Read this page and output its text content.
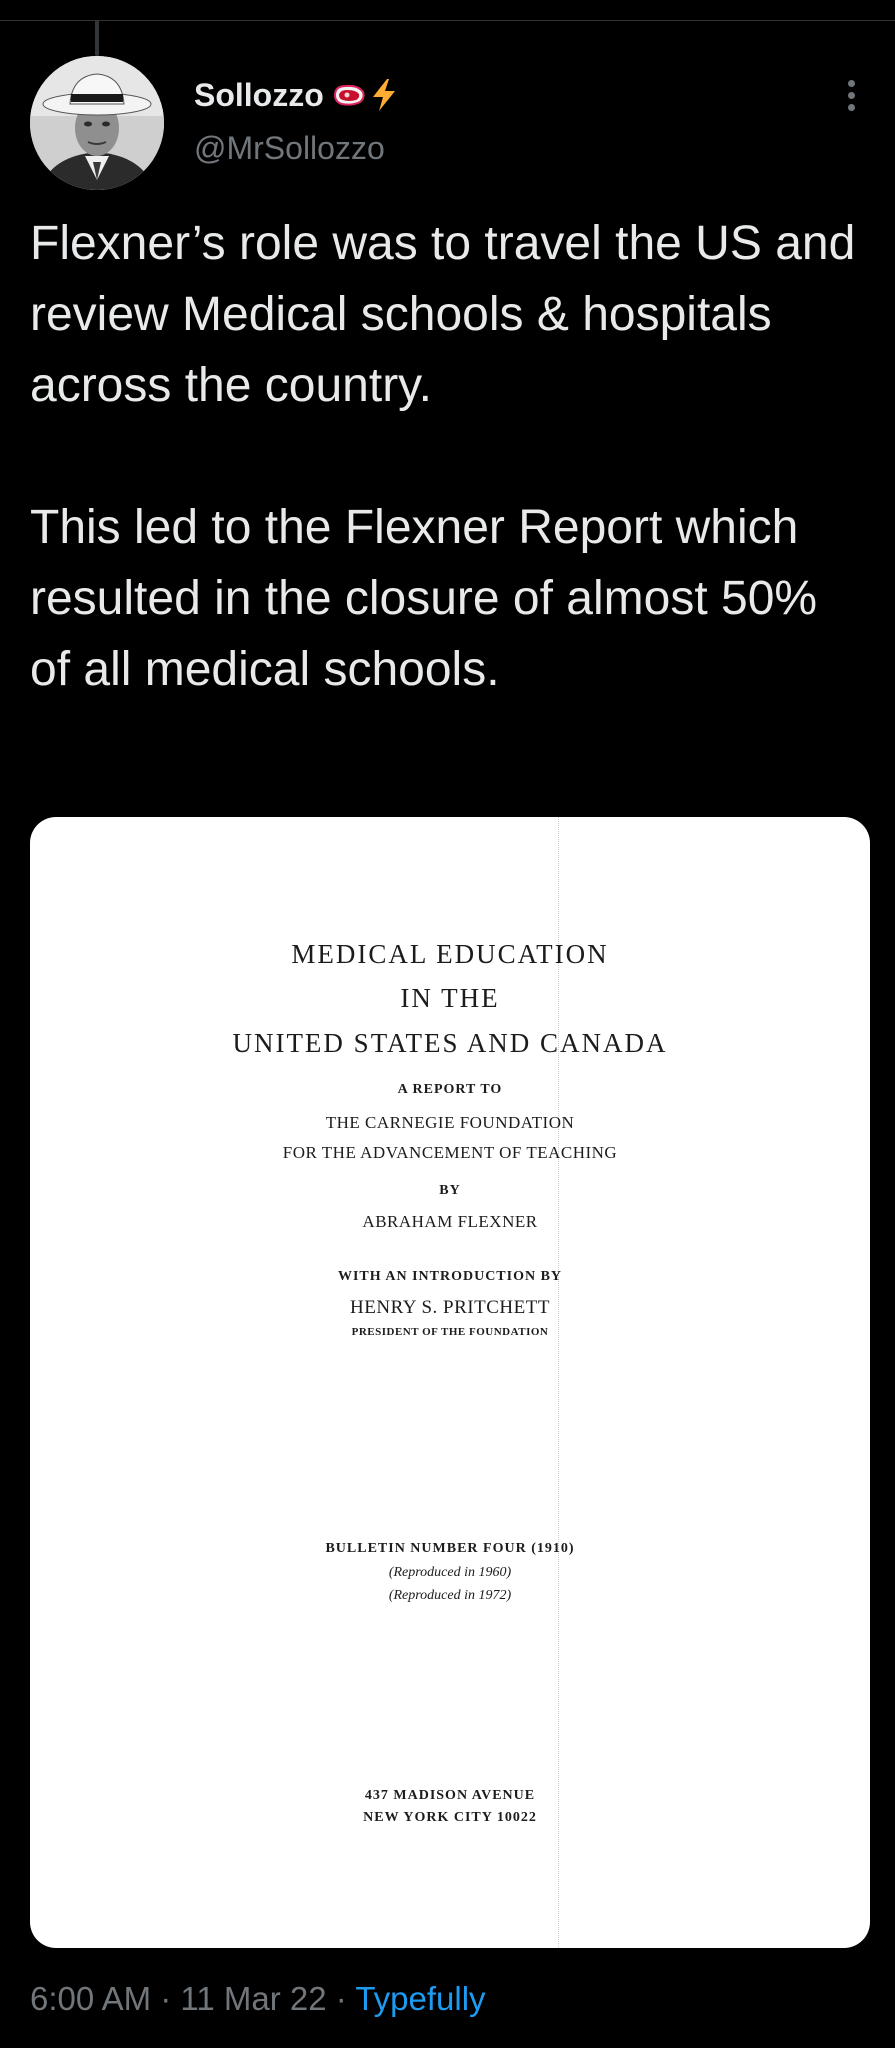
Sollozzo
@MrSollozzo

Flexner’s role was to travel the US and review Medical schools & hospitals across the country.

This led to the Flexner Report which resulted in the closure of almost 50% of all medical schools.

MEDICAL EDUCATION
IN THE
UNITED STATES AND CANADA
A REPORT TO
THE CARNEGIE FOUNDATION
FOR THE ADVANCEMENT OF TEACHING
BY
ABRAHAM FLEXNER
WITH AN INTRODUCTION BY
HENRY S. PRITCHETT
PRESIDENT OF THE FOUNDATION
BULLETIN NUMBER FOUR (1910)
(Reproduced in 1960)
(Reproduced in 1972)
437 MADISON AVENUE
NEW YORK CITY 10022
6:00 AM · 11 Mar 22 · Typefully
